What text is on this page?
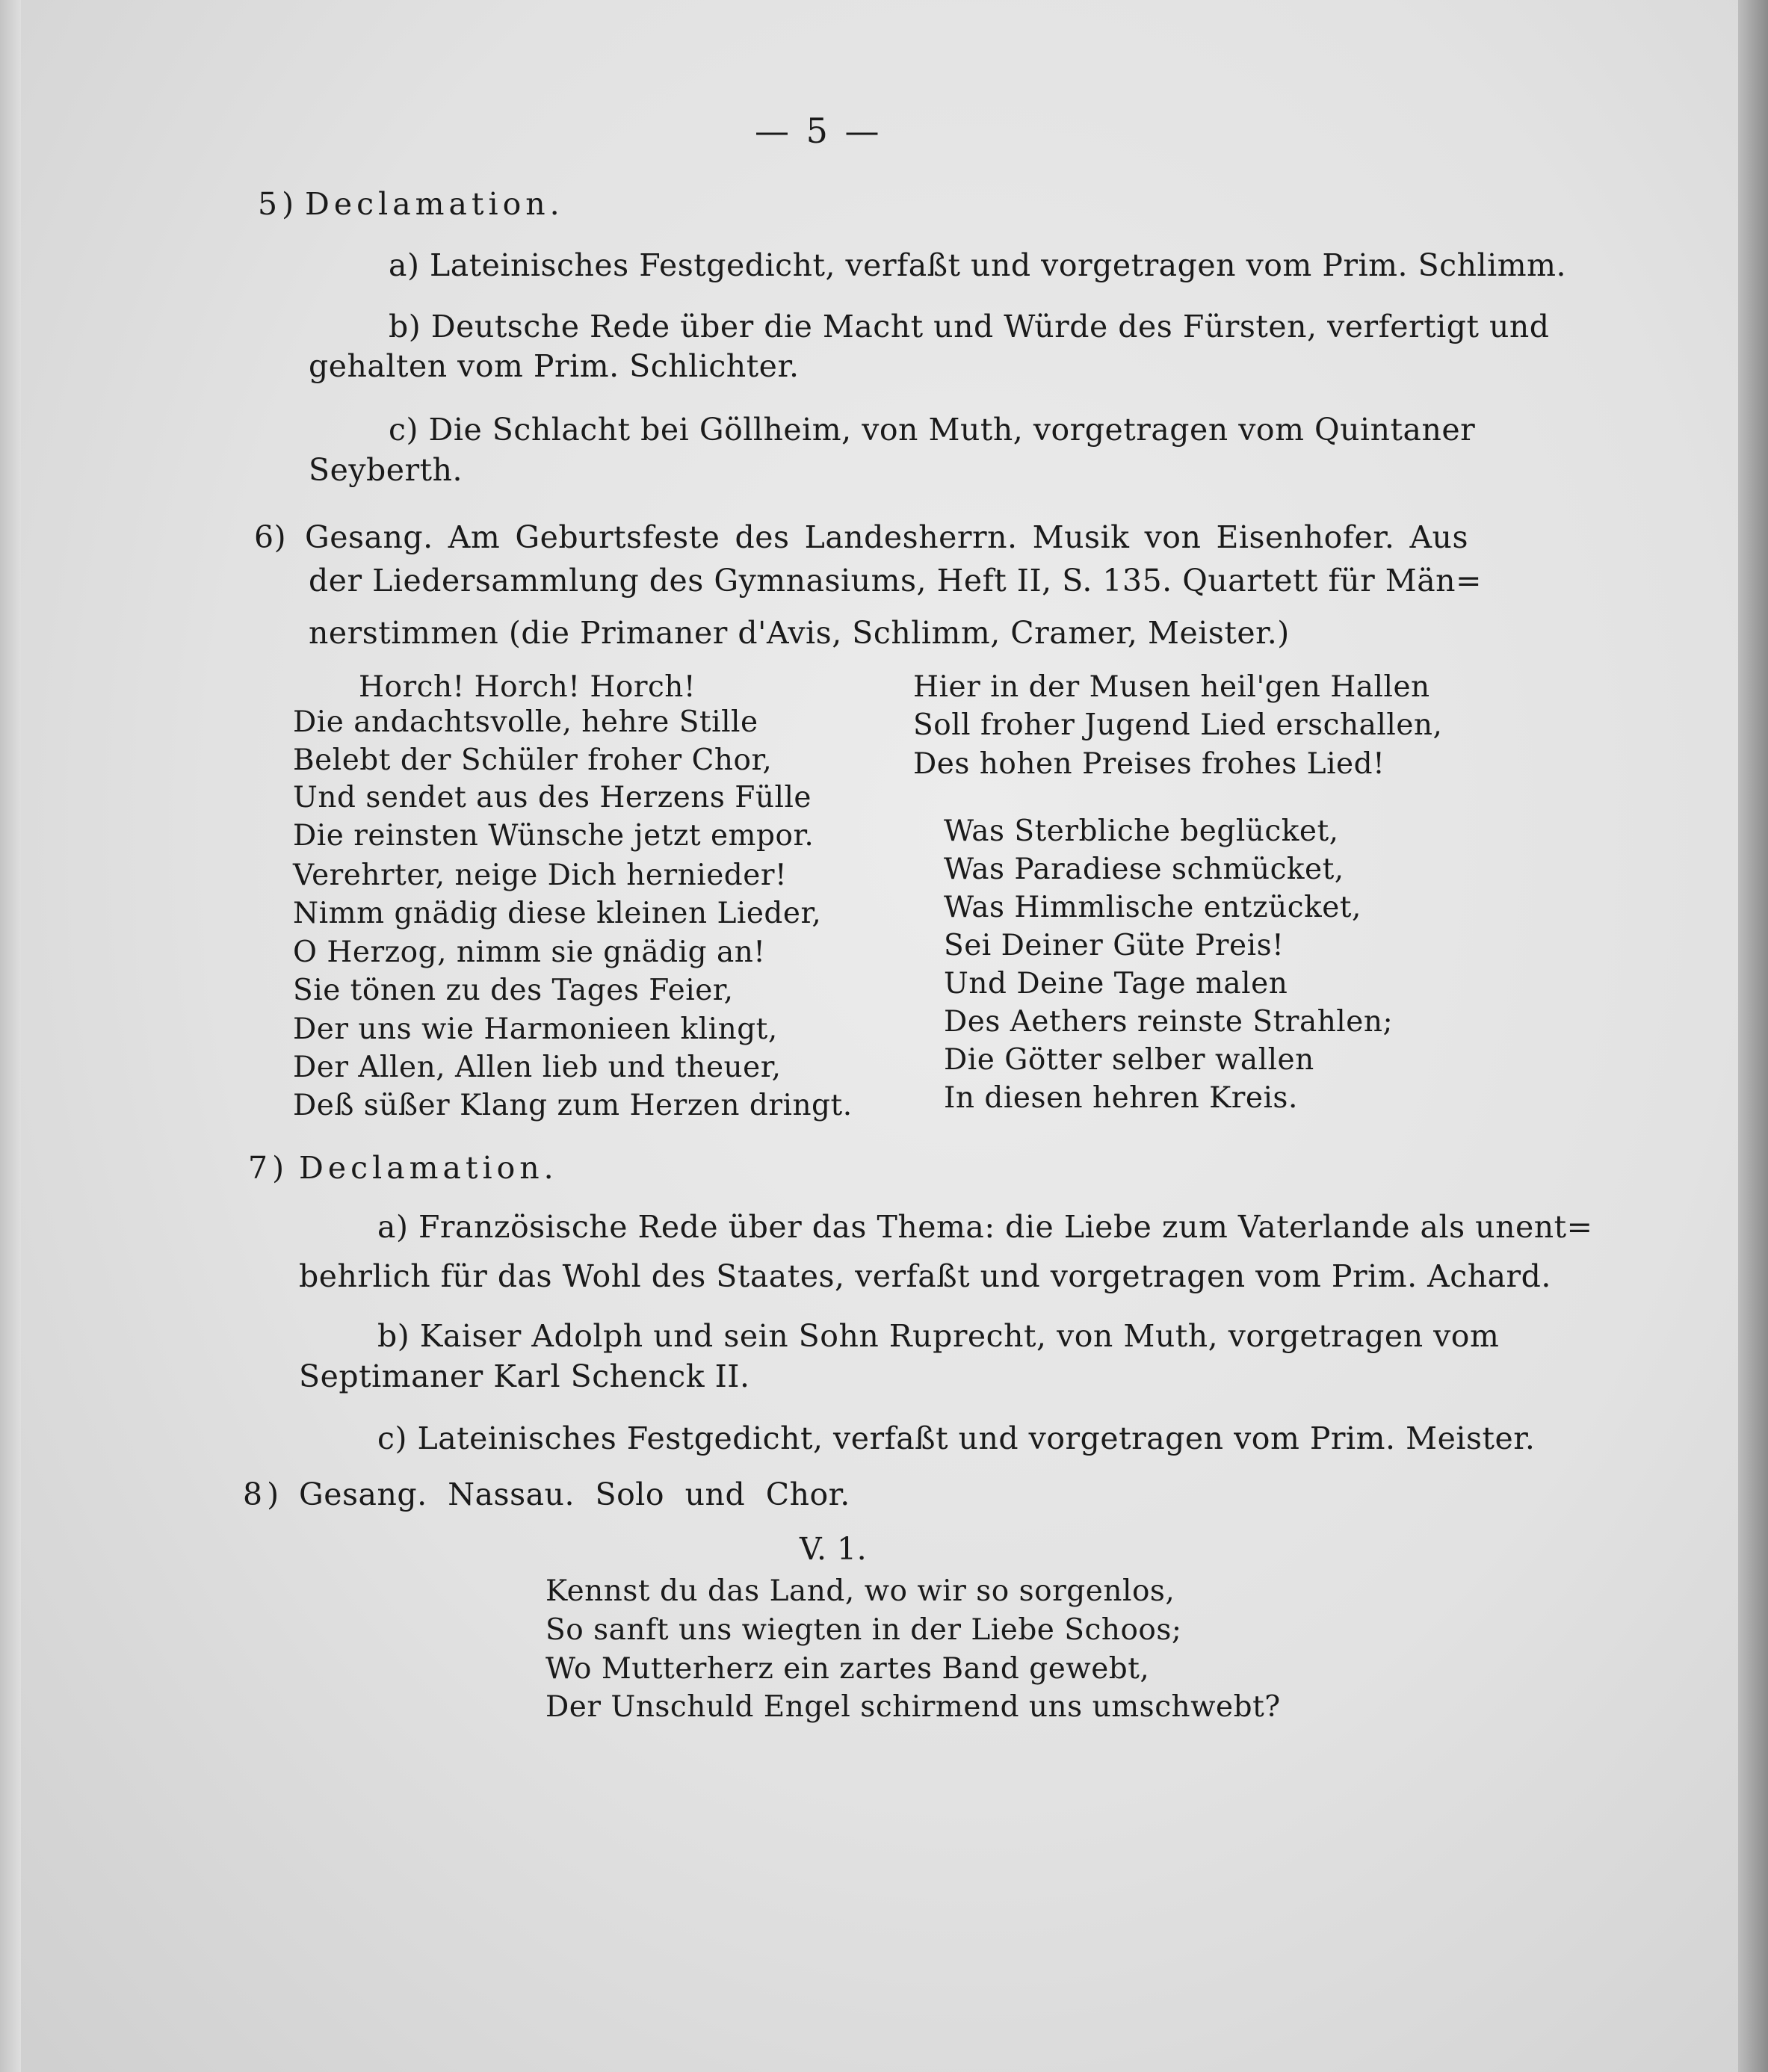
— 5 —
5) Declamation.
a) Lateinisches Festgedicht, verfaßt und vorgetragen vom Prim. Schlimm.
b) Deutsche Rede über die Macht und Würde des Fürsten, verfertigt und
gehalten vom Prim. Schlichter.
c) Die Schlacht bei Göllheim, von Muth, vorgetragen vom Quintaner
Seyberth.
6) Gesang. Am Geburtsfeste des Landesherrn. Musik von Eisenhofer. Aus
der Liedersammlung des Gymnasiums, Heft II, S. 135. Quartett für Män=
nerstimmen (die Primaner d'Avis, Schlimm, Cramer, Meister.)
Horch! Horch! Horch!
Die andachtsvolle, hehre Stille
Belebt der Schüler froher Chor,
Und sendet aus des Herzens Fülle
Die reinsten Wünsche jetzt empor.
Verehrter, neige Dich hernieder!
Nimm gnädig diese kleinen Lieder,
O Herzog, nimm sie gnädig an!
Sie tönen zu des Tages Feier,
Der uns wie Harmonieen klingt,
Der Allen, Allen lieb und theuer,
Deß süßer Klang zum Herzen dringt.
Hier in der Musen heil'gen Hallen
Soll froher Jugend Lied erschallen,
Des hohen Preises frohes Lied!
Was Sterbliche beglücket,
Was Paradiese schmücket,
Was Himmlische entzücket,
Sei Deiner Güte Preis!
Und Deine Tage malen
Des Aethers reinste Strahlen;
Die Götter selber wallen
In diesen hehren Kreis.
7) Declamation.
a) Französische Rede über das Thema: die Liebe zum Vaterlande als unent=
behrlich für das Wohl des Staates, verfaßt und vorgetragen vom Prim. Achard.
b) Kaiser Adolph und sein Sohn Ruprecht, von Muth, vorgetragen vom
Septimaner Karl Schenck II.
c) Lateinisches Festgedicht, verfaßt und vorgetragen vom Prim. Meister.
8) Gesang. Nassau. Solo und Chor.
V. 1.
Kennst du das Land, wo wir so sorgenlos,
So sanft uns wiegten in der Liebe Schoos;
Wo Mutterherz ein zartes Band gewebt,
Der Unschuld Engel schirmend uns umschwebt?
